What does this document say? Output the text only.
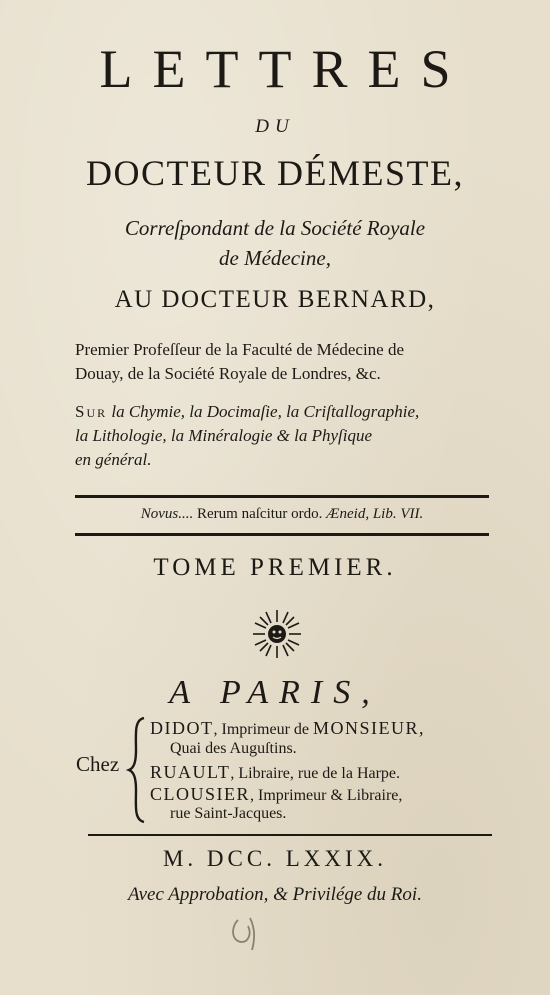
LETTRES
DU
DOCTEUR DÉMESTE,
Correſpondant de la Société Royale
de Médecine,
AU DOCTEUR BERNARD,
Premier Profeſſeur de la Faculté de Médecine de
Douay, de la Société Royale de Londres, &c.
Sur la Chymie, la Docimaſie, la Criſtallographie,
la Lithologie, la Minéralogie & la Phyſique
en général.
Novus.... Rerum naſcitur ordo. Æneid, Lib. VII.
TOME PREMIER.
A PARIS,
Chez
DIDOT, Imprimeur de MONSIEUR,
Quai des Auguſtins.
RUAULT, Libraire, rue de la Harpe.
CLOUSIER, Imprimeur & Libraire,
rue Saint-Jacques.
M. DCC. LXXIX.
Avec Approbation, & Privilége du Roi.
